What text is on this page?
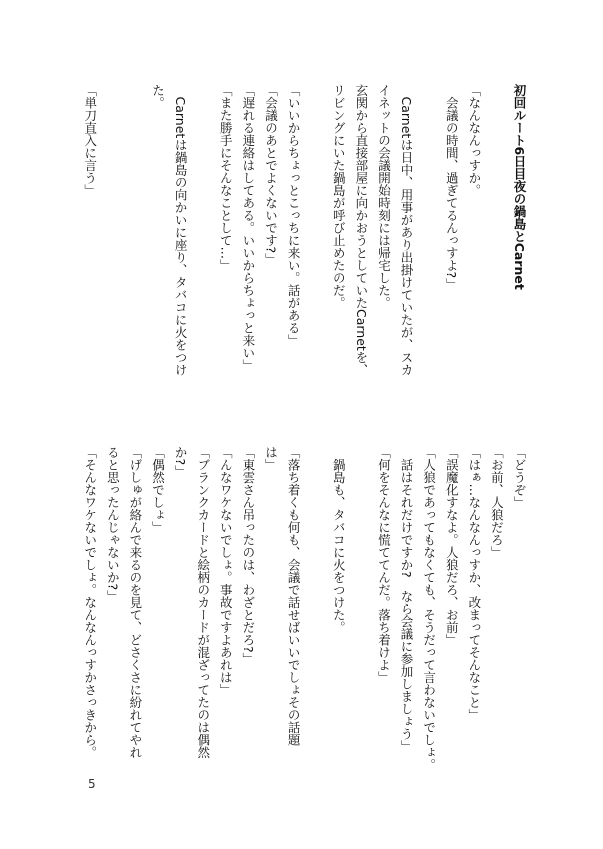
初回ルート6日目夜の鍋島とCarnet

「なんなんっすか。
　会議の時間、過ぎてるんっすよ?」

　Carnetは日中、用事があり出掛けていたが、スカ
イネットの会議開始時刻には帰宅した。
玄関から直接部屋に向かおうとしていたCarnetを、
リビングにいた鍋島が呼び止めたのだ。

「いいからちょっとこっちに来い。話がある」
「会議のあとでよくないです?」
「遅れる連絡はしてある。いいからちょっと来い」
「また勝手にそんなことして…」

　Carnetは鍋島の向かいに座り、タバコに火をつけ
た。

「単刀直入に言う」
「どうぞ」
「お前、人狼だろ」
「はぁ…なんなんっすか、改まってそんなこと」
「誤魔化すなよ。人狼だろ、お前」
「人狼であってもなくても、そうだって言わないでしょ。
　話はそれだけですか?　なら会議に参加しましょう」
「何をそんなに慌ててんだ。落ち着けよ」

　鍋島も、タバコに火をつけた。

「落ち着くも何も、会議で話せばいいでしょその話題
は」
「東雲さん吊ったのは、わざとだろ?」
「んなワケないでしょ。事故ですよあれは」
「ブランクカードと絵柄のカードが混ざってたのは偶然
か?」
「偶然でしょ」
「げしゅが絡んで来るのを見て、どさくさに紛れてやれ
ると思ったんじゃないか?」
「そんなワケないでしょ。なんなんっすかさっきから。
5
